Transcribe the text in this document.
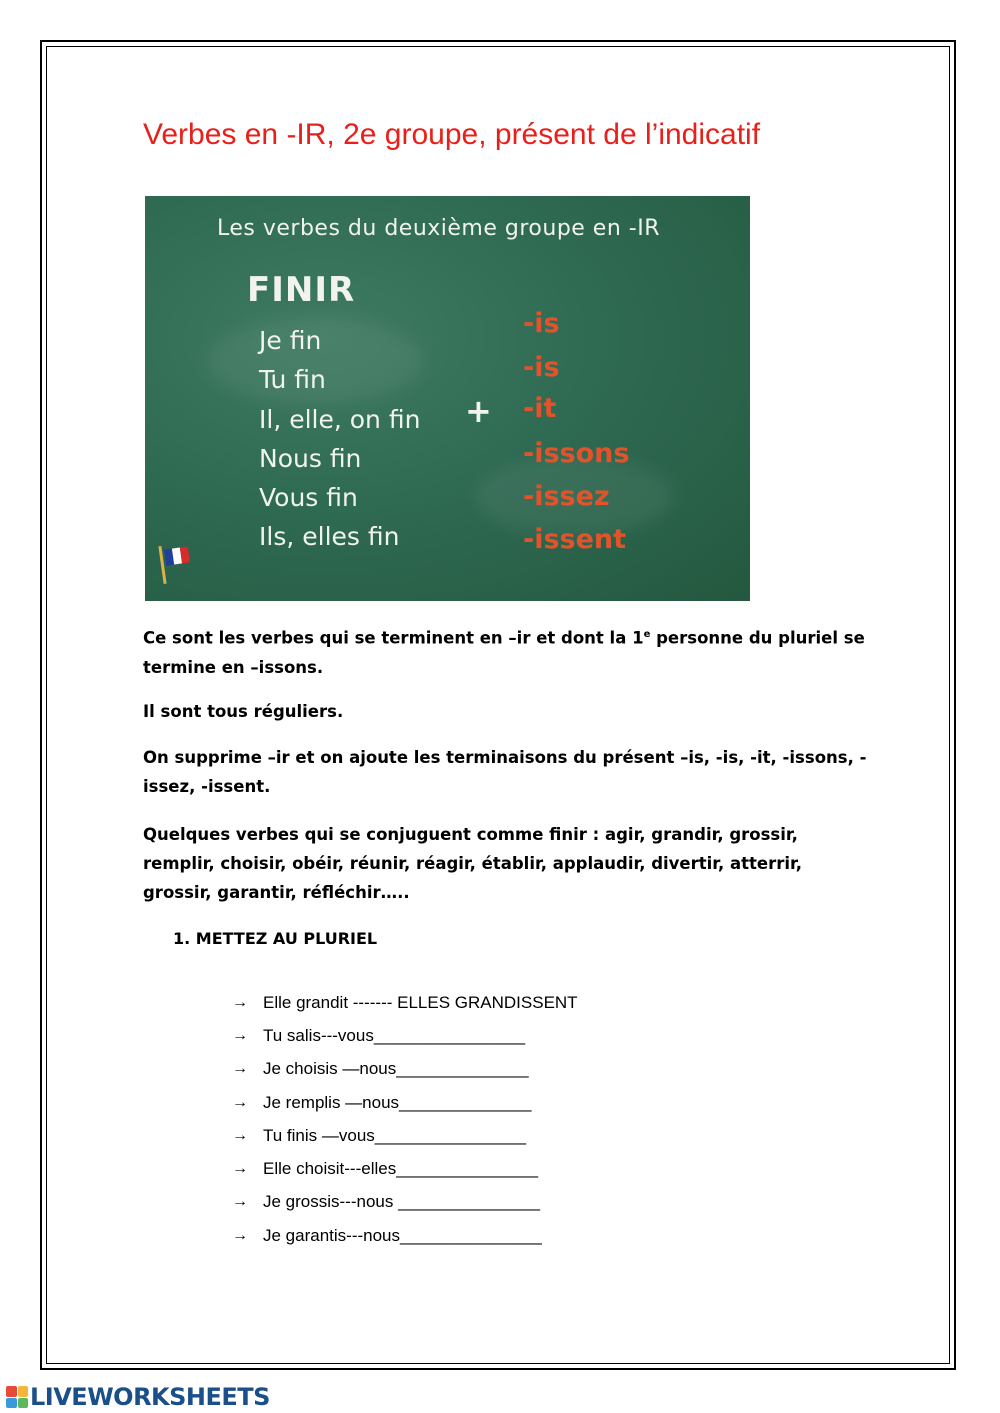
Verbes en -IR, 2e groupe, présent de l’indicatif
Les verbes du deuxième groupe en -IR
FINIR
Je fin
Tu fin
Il, elle, on fin
Nous fin
Vous fin
Ils, elles fin
+
-is
-is
-it
-issons
-issez
-issent

Ce sont les verbes qui se terminent en –ir et dont la 1e personne du pluriel se termine en –issons.

Il sont tous réguliers.

On supprime –ir et on ajoute les terminaisons du présent –is, -is, -it, -issons, -issez, -issent.

Quelques verbes qui se conjuguent comme finir : agir, grandir, grossir, remplir, choisir, obéir, réunir, réagir, établir, applaudir, divertir, atterrir, grossir, garantir, réfléchir…..

1. METTEZ AU PLURIEL
→ Elle grandit ------- ELLES GRANDISSENT
→ Tu salis---vous________________
→ Je choisis —nous______________
→ Je remplis —nous______________
→ Tu finis —vous________________
→ Elle choisit---elles_______________
→ Je grossis---nous _______________
→ Je garantis---nous_______________
LIVEWORKSHEETS
